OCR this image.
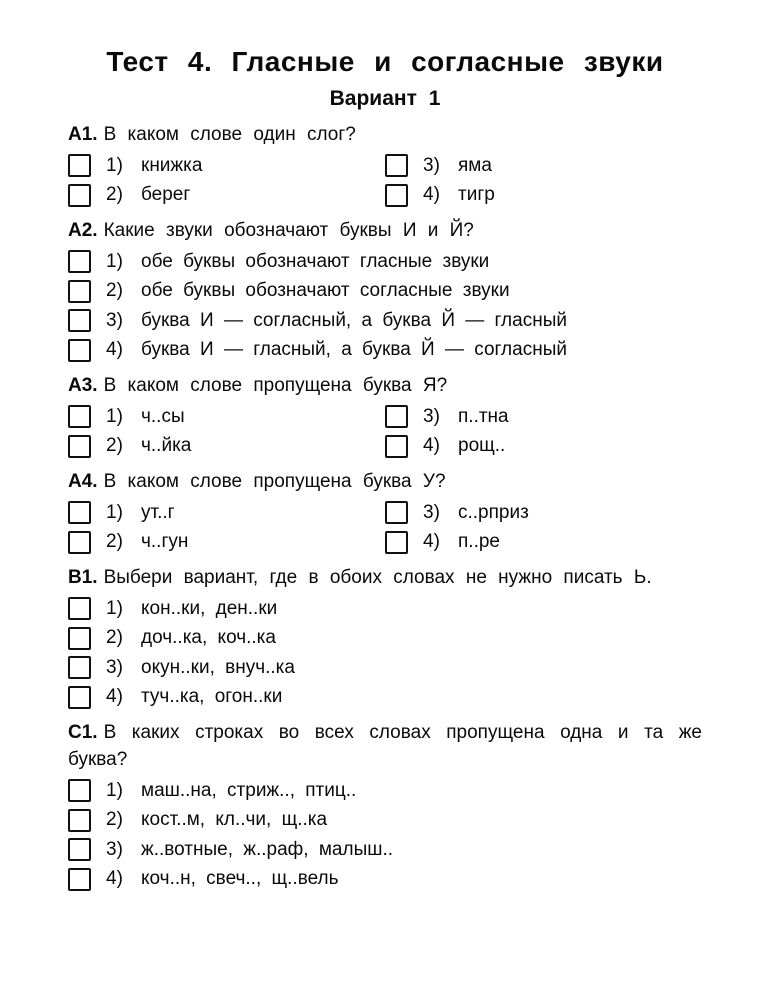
Тест 4. Гласные и согласные звуки
Вариант 1

А1. В каком слове один слог?

1) книжка
2) берег
3) яма
4) тигр

А2. Какие звуки обозначают буквы И и Й?

1) обе буквы обозначают гласные звуки
2) обе буквы обозначают согласные звуки
3) буква И — согласный, а буква Й — гласный
4) буква И — гласный, а буква Й — согласный

А3. В каком слове пропущена буква Я?

1) ч..сы
2) ч..йка
3) п..тна
4) рощ..

А4. В каком слове пропущена буква У?

1) ут..г
2) ч..гун
3) с..рприз
4) п..ре

В1. Выбери вариант, где в обоих словах не нужно писать Ь.

1) кон..ки, ден..ки
2) доч..ка, коч..ка
3) окун..ки, внуч..ка
4) туч..ка, огон..ки

С1. В каких строках во всех словах пропущена одна и та же буква?

1) маш..на, стриж.., птиц..
2) кост..м, кл..чи, щ..ка
3) ж..вотные, ж..раф, малыш..
4) коч..н, свеч.., щ..вель
